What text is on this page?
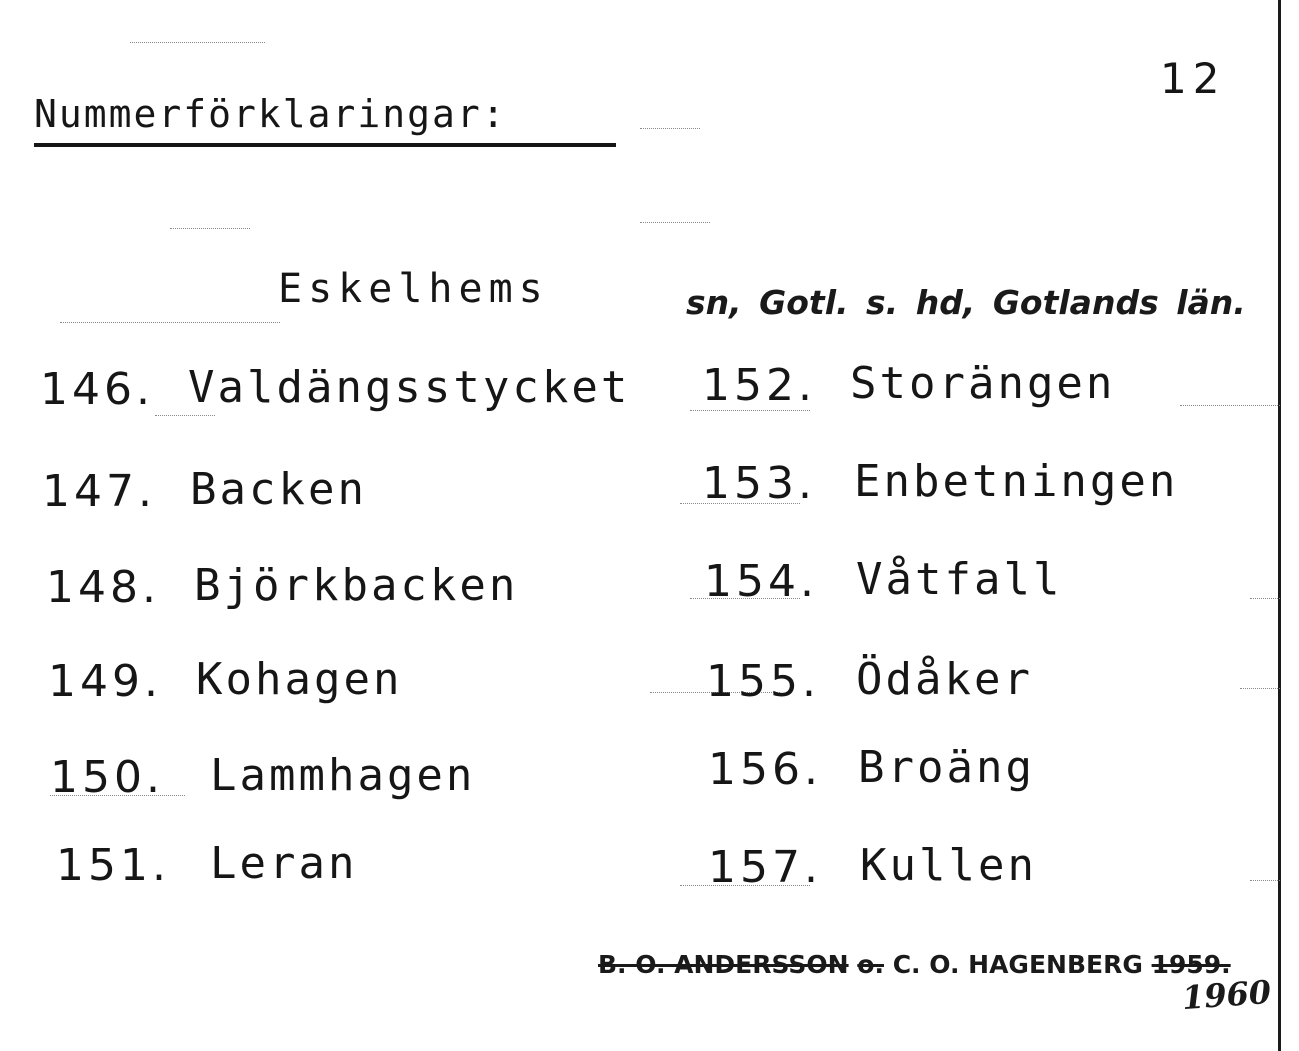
12
Nummerförklaringar:
Eskelhems	sn, Gotl. s. hd, Gotlands län.
146. Valdängsstycket
147. Backen
148. Björkbacken
149. Kohagen
150. Lammhagen
151. Leran
152. Storängen
153. Enbetningen
154. Våtfall
155. Ödåker
156. Broäng
157. Kullen
B. O. ANDERSSON o. C. O. HAGENBERG 1959.
1960
